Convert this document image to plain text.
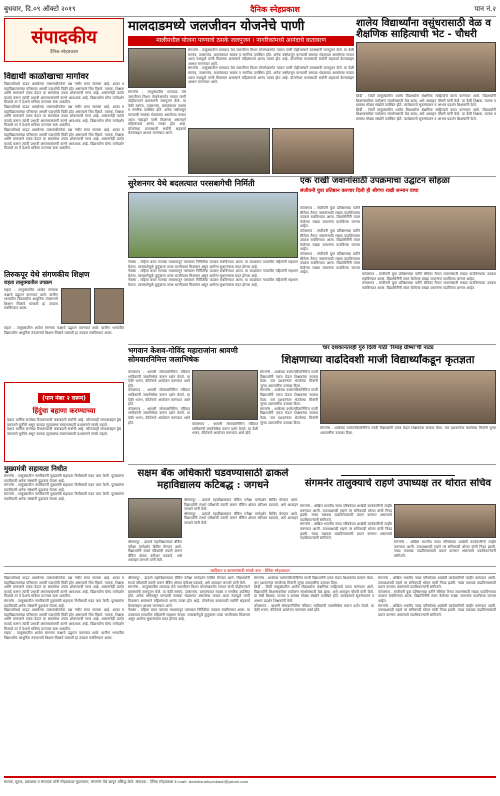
बुधवार, दि.०९ ऑक्टो २०१९	दैनिक स्नेहप्रकाश	पान नं.२
संपादकीय
दैनिक स्नेहप्रकाश
मालदाडमध्ये जलजीवन योजनेचे पाणी
मालीमधील योजना पाण्याचे ठसके जलपूजन । नागरिकांमध्ये आनंदाचे वातावरण
शालेय विद्यार्थ्यांना वसुंधरासाठी वेळ व शैक्षणिक साहित्याची भेट - चौधरी
विद्यार्थी काळोखाचा मार्गावर
विद्यार्थ्यांमध्ये वाढत असलेल्या व्यसनाधीनतेचा प्रश्न गंभीर बनत चालला आहे. शाळा व महाविद्यालयांच्या परिसरात अमली पदार्थांची विक्री होत असल्याचे चित्र दिसते. पालक, शिक्षक आणि समाजाने एकत्र येऊन या समस्येवर उपाय शोधण्याची गरज आहे. शासनानेही कठोर कायदे करून त्यांची प्रभावी अंमलबजावणी करणे आवश्यक आहे. विद्यार्थ्यांना योग्य मार्गदर्शन मिळाले तर ते देशाचे भविष्य उज्ज्वल करू शकतील.
विद्यार्थ्यांमध्ये वाढत असलेल्या व्यसनाधीनतेचा प्रश्न गंभीर बनत चालला आहे. शाळा व महाविद्यालयांच्या परिसरात अमली पदार्थांची विक्री होत असल्याचे चित्र दिसते. पालक, शिक्षक आणि समाजाने एकत्र येऊन या समस्येवर उपाय शोधण्याची गरज आहे. शासनानेही कठोर कायदे करून त्यांची प्रभावी अंमलबजावणी करणे आवश्यक आहे. विद्यार्थ्यांना योग्य मार्गदर्शन मिळाले तर ते देशाचे भविष्य उज्ज्वल करू शकतील.
विद्यार्थ्यांमध्ये वाढत असलेल्या व्यसनाधीनतेचा प्रश्न गंभीर बनत चालला आहे. शाळा व महाविद्यालयांच्या परिसरात अमली पदार्थांची विक्री होत असल्याचे चित्र दिसते. पालक, शिक्षक आणि समाजाने एकत्र येऊन या समस्येवर उपाय शोधण्याची गरज आहे. शासनानेही कठोर कायदे करून त्यांची प्रभावी अंमलबजावणी करणे आवश्यक आहे. विद्यार्थ्यांना योग्य मार्गदर्शन मिळाले तर ते देशाचे भविष्य उज्ज्वल करू शकतील.
संगमनेर - तालुक्यातील मालदाड येथे जलजीवन मिशन योजनेअंतर्गत गावात पाणी पोहोचल्याने ग्रामस्थांनी जलपूजन केले. या वेळी सरपंच, उपसरपंच, ग्रामपंचायत सदस्य व नागरिक उपस्थित होते. अनेक वर्षांपासून पाण्याची समस्या भेडसावत असलेल्या गावात आता नळाद्वारे पाणी मिळणार असल्याने महिलांमध्ये आनंद व्यक्त होत आहे. योजनेच्या कामासाठी सर्वांनी सहकार्य केल्याबद्दल आभार मानण्यात आले.
संगमनेर - तालुक्यातील मालदाड येथे जलजीवन मिशन योजनेअंतर्गत गावात पाणी पोहोचल्याने ग्रामस्थांनी जलपूजन केले. या वेळी सरपंच, उपसरपंच, ग्रामपंचायत सदस्य व नागरिक उपस्थित होते. अनेक वर्षांपासून पाण्याची समस्या भेडसावत असलेल्या गावात आता नळाद्वारे पाणी मिळणार असल्याने महिलांमध्ये आनंद व्यक्त होत आहे. योजनेच्या कामासाठी सर्वांनी सहकार्य केल्याबद्दल आभार मानण्यात आले.
संगमनेर - तालुक्यातील मालदाड येथे जलजीवन मिशन योजनेअंतर्गत गावात पाणी पोहोचल्याने ग्रामस्थांनी जलपूजन केले. या वेळी सरपंच, उपसरपंच, ग्रामपंचायत सदस्य व नागरिक उपस्थित होते. अनेक वर्षांपासून पाण्याची समस्या भेडसावत असलेल्या गावात आता नळाद्वारे पाणी मिळणार असल्याने महिलांमध्ये आनंद व्यक्त होत आहे. योजनेच्या कामासाठी सर्वांनी सहकार्य केल्याबद्दल आभार मानण्यात आले.
शिर्डी - शिर्डी तालुक्यातील शालेय विद्यार्थ्यांना शैक्षणिक साहित्याचे वाटप करण्यात आले. विद्यार्थ्यांनी शिक्षणाबरोबर पर्यावरण संवर्धनासाठी वेळ द्यावा, असे आवाहन चौधरी यांनी केले. या वेळी शिक्षक, पालक व ग्रामस्थ मोठ्या संख्येने उपस्थित होते. कार्यक्रमाचे सूत्रसंचालन व आभार प्रदर्शन शिक्षकांनी केले.
शिर्डी - शिर्डी तालुक्यातील शालेय विद्यार्थ्यांना शैक्षणिक साहित्याचे वाटप करण्यात आले. विद्यार्थ्यांनी शिक्षणाबरोबर पर्यावरण संवर्धनासाठी वेळ द्यावा, असे आवाहन चौधरी यांनी केले. या वेळी शिक्षक, पालक व ग्रामस्थ मोठ्या संख्येने उपस्थित होते. कार्यक्रमाचे सूत्रसंचालन व आभार प्रदर्शन शिक्षकांनी केले.
सुरेशनगर येथे बदलत्यात परसबागेची निर्मिती	एक राखी जवानांसाठी उपक्रमाचा उद्घाटन सोहळा
संजीवनी युवा प्रतिष्ठान करणार दिली ही श्रीगंगा राखी सन्मान वाचा
नेवासा - महिला बचत गटाच्या माध्यमातून परसबाग निर्मितीचा उपक्रम राबविण्यात आला. या उपक्रमात गावातील महिलांनी सहभाग घेतला. परसबागेमुळे कुटुंबाला ताजा भाजीपाला मिळणार असून आरोग्य सुधारण्यास मदत होणार आहे.
नेवासा - महिला बचत गटाच्या माध्यमातून परसबाग निर्मितीचा उपक्रम राबविण्यात आला. या उपक्रमात गावातील महिलांनी सहभाग घेतला. परसबागेमुळे कुटुंबाला ताजा भाजीपाला मिळणार असून आरोग्य सुधारण्यास मदत होणार आहे.
नेवासा - महिला बचत गटाच्या माध्यमातून परसबाग निर्मितीचा उपक्रम राबविण्यात आला. या उपक्रमात गावातील महिलांनी सहभाग घेतला. परसबागेमुळे कुटुंबाला ताजा भाजीपाला मिळणार असून आरोग्य सुधारण्यास मदत होणार आहे.
कोपरगाव - संजीवनी युवा प्रतिष्ठानच्या वतीने सीमेवर तैनात जवानांसाठी राख्या पाठविण्याचा उपक्रम राबविण्यात आला. विद्यार्थिनींनी तयार केलेल्या राख्या जवानांना पाठविल्या जाणार आहेत.
कोपरगाव - संजीवनी युवा प्रतिष्ठानच्या वतीने सीमेवर तैनात जवानांसाठी राख्या पाठविण्याचा उपक्रम राबविण्यात आला. विद्यार्थिनींनी तयार केलेल्या राख्या जवानांना पाठविल्या जाणार आहेत.
कोपरगाव - संजीवनी युवा प्रतिष्ठानच्या वतीने सीमेवर तैनात जवानांसाठी राख्या पाठविण्याचा उपक्रम राबविण्यात आला. विद्यार्थिनींनी तयार केलेल्या राख्या जवानांना पाठविल्या जाणार आहेत.	कोपरगाव - संजीवनी युवा प्रतिष्ठानच्या वतीने सीमेवर तैनात जवानांसाठी राख्या पाठविण्याचा उपक्रम राबविण्यात आला. विद्यार्थिनींनी तयार केलेल्या राख्या जवानांना पाठविल्या जाणार आहेत.
कोपरगाव - संजीवनी युवा प्रतिष्ठानच्या वतीने सीमेवर तैनात जवानांसाठी राख्या पाठविण्याचा उपक्रम राबविण्यात आला. विद्यार्थिनींनी तयार केलेल्या राख्या जवानांना पाठविल्या जाणार आहेत.
तिरुकपूर येथे संगणकीय शिक्षण
राहता तालुक्यातील उपक्रम
राहता - तालुक्यातील शाळेत संगणक कक्षाचे उद्घाटन करण्यात आले. ग्रामीण भागातील विद्यार्थ्यांना आधुनिक तंत्रज्ञानाचे शिक्षण मिळावे यासाठी हा उपक्रम राबविण्यात आला.
राहता - तालुक्यातील शाळेत संगणक कक्षाचे उद्घाटन करण्यात आले. ग्रामीण भागातील विद्यार्थ्यांना आधुनिक तंत्रज्ञानाचे शिक्षण मिळावे यासाठी हा उपक्रम राबविण्यात आला.
(पान नंबर २ वरून)
हिंदुंचा बहाणा करण्याच्या
देशात धार्मिक सलोखा टिकवण्याची जबाबदारी सर्वांची आहे. कोणत्याही समाजाबद्दल द्वेष पसरवणे चुकीचे असून कायदा सुव्यवस्था राखण्यासाठी प्रशासनाने सतर्क राहावे.
देशात धार्मिक सलोखा टिकवण्याची जबाबदारी सर्वांची आहे. कोणत्याही समाजाबद्दल द्वेष पसरवणे चुकीचे असून कायदा सुव्यवस्था राखण्यासाठी प्रशासनाने सतर्क राहावे.
भगवान केशव-गोविंद महाराजांना श्रावणी सोमवारनिमित्त जलाभिषेक
चार दशकानंतरही गुरु दिली गाठी 'रिमाइ ग्रीष्मा'ची नाट्य
शिक्षणाच्या वाढदिवशी माजी विद्यार्थ्यांकडून कृतज्ञता
कोपरगाव - श्रावणी सोमवारनिमित्त मंदिरात भाविकांनी जलाभिषेक करून दर्शन घेतले. या वेळी भजन, कीर्तनाचे आयोजन करण्यात आले होते.
कोपरगाव - श्रावणी सोमवारनिमित्त मंदिरात भाविकांनी जलाभिषेक करून दर्शन घेतले. या वेळी भजन, कीर्तनाचे आयोजन करण्यात आले होते.
कोपरगाव - श्रावणी सोमवारनिमित्त मंदिरात भाविकांनी जलाभिषेक करून दर्शन घेतले. या वेळी भजन, कीर्तनाचे आयोजन करण्यात आले होते.	कोपरगाव - श्रावणी सोमवारनिमित्त मंदिरात भाविकांनी जलाभिषेक करून दर्शन घेतले. या वेळी भजन, कीर्तनाचे आयोजन करण्यात आले होते.
संगमनेर - शाळेच्या वर्धापनदिनानिमित्त माजी विद्यार्थ्यांनी एकत्र येऊन शिक्षकांचा सत्कार केला. चार दशकांनंतर भेटलेल्या मित्रांनी जुन्या आठवणींना उजाळा दिला.
संगमनेर - शाळेच्या वर्धापनदिनानिमित्त माजी विद्यार्थ्यांनी एकत्र येऊन शिक्षकांचा सत्कार केला. चार दशकांनंतर भेटलेल्या मित्रांनी जुन्या आठवणींना उजाळा दिला.
संगमनेर - शाळेच्या वर्धापनदिनानिमित्त माजी विद्यार्थ्यांनी एकत्र येऊन शिक्षकांचा सत्कार केला. चार दशकांनंतर भेटलेल्या मित्रांनी जुन्या आठवणींना उजाळा दिला.
संगमनेर - शाळेच्या वर्धापनदिनानिमित्त माजी विद्यार्थ्यांनी एकत्र येऊन शिक्षकांचा सत्कार केला. चार दशकांनंतर भेटलेल्या मित्रांनी जुन्या आठवणींना उजाळा दिला.
मुख्यमंत्री सहायता निधीत
संगमनेर - तालुक्यातील नागरिकांनी मुख्यमंत्री सहायता निधीसाठी मदत जमा केली. पूरग्रस्तांना मदतीसाठी अनेक संस्थांनी पुढाकार घेतला आहे.
संगमनेर - तालुक्यातील नागरिकांनी मुख्यमंत्री सहायता निधीसाठी मदत जमा केली. पूरग्रस्तांना मदतीसाठी अनेक संस्थांनी पुढाकार घेतला आहे.
संगमनेर - तालुक्यातील नागरिकांनी मुख्यमंत्री सहायता निधीसाठी मदत जमा केली. पूरग्रस्तांना मदतीसाठी अनेक संस्थांनी पुढाकार घेतला आहे.
सक्षम बँक अधिकारी घडवण्यासाठी ढाकले महाविद्यालय कटिबद्ध : जगधने
श्रीरामपूर - ढाकले महाविद्यालयात बँकिंग परीक्षा मार्गदर्शन शिबिर घेण्यात आले. विद्यार्थ्यांनी स्पर्धा परीक्षांची तयारी करून बँकिंग क्षेत्रात करिअर घडवावे, असे आवाहन जगधने यांनी केले.
श्रीरामपूर - ढाकले महाविद्यालयात बँकिंग परीक्षा मार्गदर्शन शिबिर घेण्यात आले. विद्यार्थ्यांनी स्पर्धा परीक्षांची तयारी करून बँकिंग क्षेत्रात करिअर घडवावे, असे आवाहन जगधने यांनी केले.
श्रीरामपूर - ढाकले महाविद्यालयात बँकिंग परीक्षा मार्गदर्शन शिबिर घेण्यात आले. विद्यार्थ्यांनी स्पर्धा परीक्षांची तयारी करून बँकिंग क्षेत्रात करिअर घडवावे, असे आवाहन जगधने यांनी केले.
संगमनेर तालुक्याचे राहणे उपाध्यक्ष तर थोरात सचिव
संगमनेर - अखिल भारतीय नाट्य परिषदेच्या शाखेची कार्यकारिणी जाहीर करण्यात आली. उपाध्यक्षपदी राहणे तर सचिवपदी थोरात यांची निवड झाली. नाट्य चळवळ वाढविण्यासाठी प्रयत्न करणार असल्याचे पदाधिकाऱ्यांनी सांगितले.
संगमनेर - अखिल भारतीय नाट्य परिषदेच्या शाखेची कार्यकारिणी जाहीर करण्यात आली. उपाध्यक्षपदी राहणे तर सचिवपदी थोरात यांची निवड झाली. नाट्य चळवळ वाढविण्यासाठी प्रयत्न करणार असल्याचे पदाधिकाऱ्यांनी सांगितले.
संगमनेर - अखिल भारतीय नाट्य परिषदेच्या शाखेची कार्यकारिणी जाहीर करण्यात आली. उपाध्यक्षपदी राहणे तर सचिवपदी थोरात यांची निवड झाली. नाट्य चळवळ वाढविण्यासाठी प्रयत्न करणार असल्याचे पदाधिकाऱ्यांनी सांगितले.
जाहिरात व बातम्यांसाठी संपर्क करा - दैनिक स्नेहप्रकाश
विद्यार्थ्यांमध्ये वाढत असलेल्या व्यसनाधीनतेचा प्रश्न गंभीर बनत चालला आहे. शाळा व महाविद्यालयांच्या परिसरात अमली पदार्थांची विक्री होत असल्याचे चित्र दिसते. पालक, शिक्षक आणि समाजाने एकत्र येऊन या समस्येवर उपाय शोधण्याची गरज आहे. शासनानेही कठोर कायदे करून त्यांची प्रभावी अंमलबजावणी करणे आवश्यक आहे. विद्यार्थ्यांना योग्य मार्गदर्शन मिळाले तर ते देशाचे भविष्य उज्ज्वल करू शकतील.
संगमनेर - तालुक्यातील नागरिकांनी मुख्यमंत्री सहायता निधीसाठी मदत जमा केली. पूरग्रस्तांना मदतीसाठी अनेक संस्थांनी पुढाकार घेतला आहे.
विद्यार्थ्यांमध्ये वाढत असलेल्या व्यसनाधीनतेचा प्रश्न गंभीर बनत चालला आहे. शाळा व महाविद्यालयांच्या परिसरात अमली पदार्थांची विक्री होत असल्याचे चित्र दिसते. पालक, शिक्षक आणि समाजाने एकत्र येऊन या समस्येवर उपाय शोधण्याची गरज आहे. शासनानेही कठोर कायदे करून त्यांची प्रभावी अंमलबजावणी करणे आवश्यक आहे. विद्यार्थ्यांना योग्य मार्गदर्शन मिळाले तर ते देशाचे भविष्य उज्ज्वल करू शकतील.
राहता - तालुक्यातील शाळेत संगणक कक्षाचे उद्घाटन करण्यात आले. ग्रामीण भागातील विद्यार्थ्यांना आधुनिक तंत्रज्ञानाचे शिक्षण मिळावे यासाठी हा उपक्रम राबविण्यात आला.
श्रीरामपूर - ढाकले महाविद्यालयात बँकिंग परीक्षा मार्गदर्शन शिबिर घेण्यात आले. विद्यार्थ्यांनी स्पर्धा परीक्षांची तयारी करून बँकिंग क्षेत्रात करिअर घडवावे, असे आवाहन जगधने यांनी केले.
संगमनेर - तालुक्यातील मालदाड येथे जलजीवन मिशन योजनेअंतर्गत गावात पाणी पोहोचल्याने ग्रामस्थांनी जलपूजन केले. या वेळी सरपंच, उपसरपंच, ग्रामपंचायत सदस्य व नागरिक उपस्थित होते. अनेक वर्षांपासून पाण्याची समस्या भेडसावत असलेल्या गावात आता नळाद्वारे पाणी मिळणार असल्याने महिलांमध्ये आनंद व्यक्त होत आहे. योजनेच्या कामासाठी सर्वांनी सहकार्य केल्याबद्दल आभार मानण्यात आले.
नेवासा - महिला बचत गटाच्या माध्यमातून परसबाग निर्मितीचा उपक्रम राबविण्यात आला. या उपक्रमात गावातील महिलांनी सहभाग घेतला. परसबागेमुळे कुटुंबाला ताजा भाजीपाला मिळणार असून आरोग्य सुधारण्यास मदत होणार आहे.
संगमनेर - शाळेच्या वर्धापनदिनानिमित्त माजी विद्यार्थ्यांनी एकत्र येऊन शिक्षकांचा सत्कार केला. चार दशकांनंतर भेटलेल्या मित्रांनी जुन्या आठवणींना उजाळा दिला.
शिर्डी - शिर्डी तालुक्यातील शालेय विद्यार्थ्यांना शैक्षणिक साहित्याचे वाटप करण्यात आले. विद्यार्थ्यांनी शिक्षणाबरोबर पर्यावरण संवर्धनासाठी वेळ द्यावा, असे आवाहन चौधरी यांनी केले. या वेळी शिक्षक, पालक व ग्रामस्थ मोठ्या संख्येने उपस्थित होते. कार्यक्रमाचे सूत्रसंचालन व आभार प्रदर्शन शिक्षकांनी केले.
कोपरगाव - श्रावणी सोमवारनिमित्त मंदिरात भाविकांनी जलाभिषेक करून दर्शन घेतले. या वेळी भजन, कीर्तनाचे आयोजन करण्यात आले होते.
संगमनेर - अखिल भारतीय नाट्य परिषदेच्या शाखेची कार्यकारिणी जाहीर करण्यात आली. उपाध्यक्षपदी राहणे तर सचिवपदी थोरात यांची निवड झाली. नाट्य चळवळ वाढविण्यासाठी प्रयत्न करणार असल्याचे पदाधिकाऱ्यांनी सांगितले.
कोपरगाव - संजीवनी युवा प्रतिष्ठानच्या वतीने सीमेवर तैनात जवानांसाठी राख्या पाठविण्याचा उपक्रम राबविण्यात आला. विद्यार्थिनींनी तयार केलेल्या राख्या जवानांना पाठविल्या जाणार आहेत.
संगमनेर - अखिल भारतीय नाट्य परिषदेच्या शाखेची कार्यकारिणी जाहीर करण्यात आली. उपाध्यक्षपदी राहणे तर सचिवपदी थोरात यांची निवड झाली. नाट्य चळवळ वाढविण्यासाठी प्रयत्न करणार असल्याचे पदाधिकाऱ्यांनी सांगितले.
मालक, मुद्रक, प्रकाशक व संपादक यांनी स्नेहप्रकाश मुद्रणालय, संगमनेर येथे छापून प्रसिद्ध केले. संपादक : दैनिक स्नेहप्रकाश E-mail: dainiksnehprakash@gmail.com
